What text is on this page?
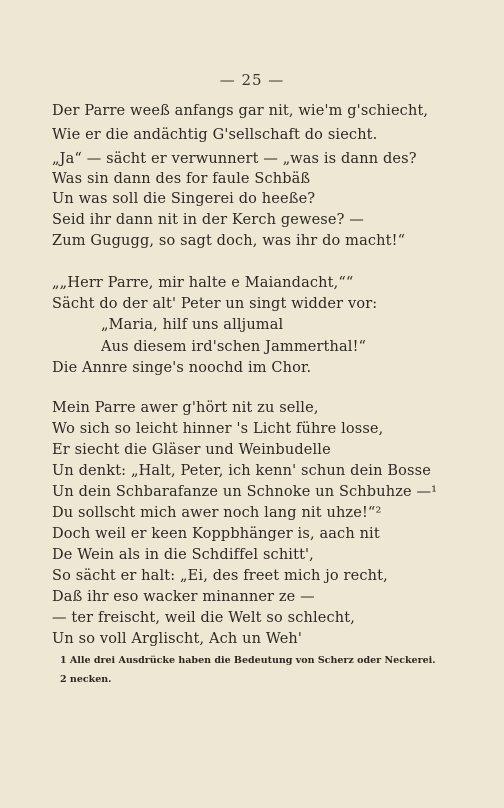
— 25 —
Der Parre weeß anfangs gar nit, wie'm g'schiecht,
Wie er die andächtig G'sellschaft do siecht.
„Ja“ — sächt er verwunnert — „was is dann des?
Was sin dann des for faule Schbäß
Un was soll die Singerei do heeße?
Seid ihr dann nit in der Kerch gewese? —
Zum Gugugg, so sagt doch, was ihr do macht!“
„„Herr Parre, mir halte e Maiandacht,““
Sächt do der alt' Peter un singt widder vor:
„Maria, hilf uns alljumal
Aus diesem ird'schen Jammerthal!“
Die Annre singe's noochd im Chor.
Mein Parre awer g'hört nit zu selle,
Wo sich so leicht hinner 's Licht führe losse,
Er siecht die Gläser und Weinbudelle
Un denkt: „Halt, Peter, ich kenn' schun dein Bosse
Un dein Schbarafanze un Schnoke un Schbuhze —¹
Du sollscht mich awer noch lang nit uhze!“²
Doch weil er keen Koppbhänger is, aach nit
De Wein als in die Schdiffel schitt',
So sächt er halt: „Ei, des freet mich jo recht,
Daß ihr eso wacker minanner ze —
— ter freischt, weil die Welt so schlecht,
Un so voll Arglischt, Ach un Weh'
1 Alle drei Ausdrücke haben die Bedeutung von Scherz oder Neckerei.
2 necken.
